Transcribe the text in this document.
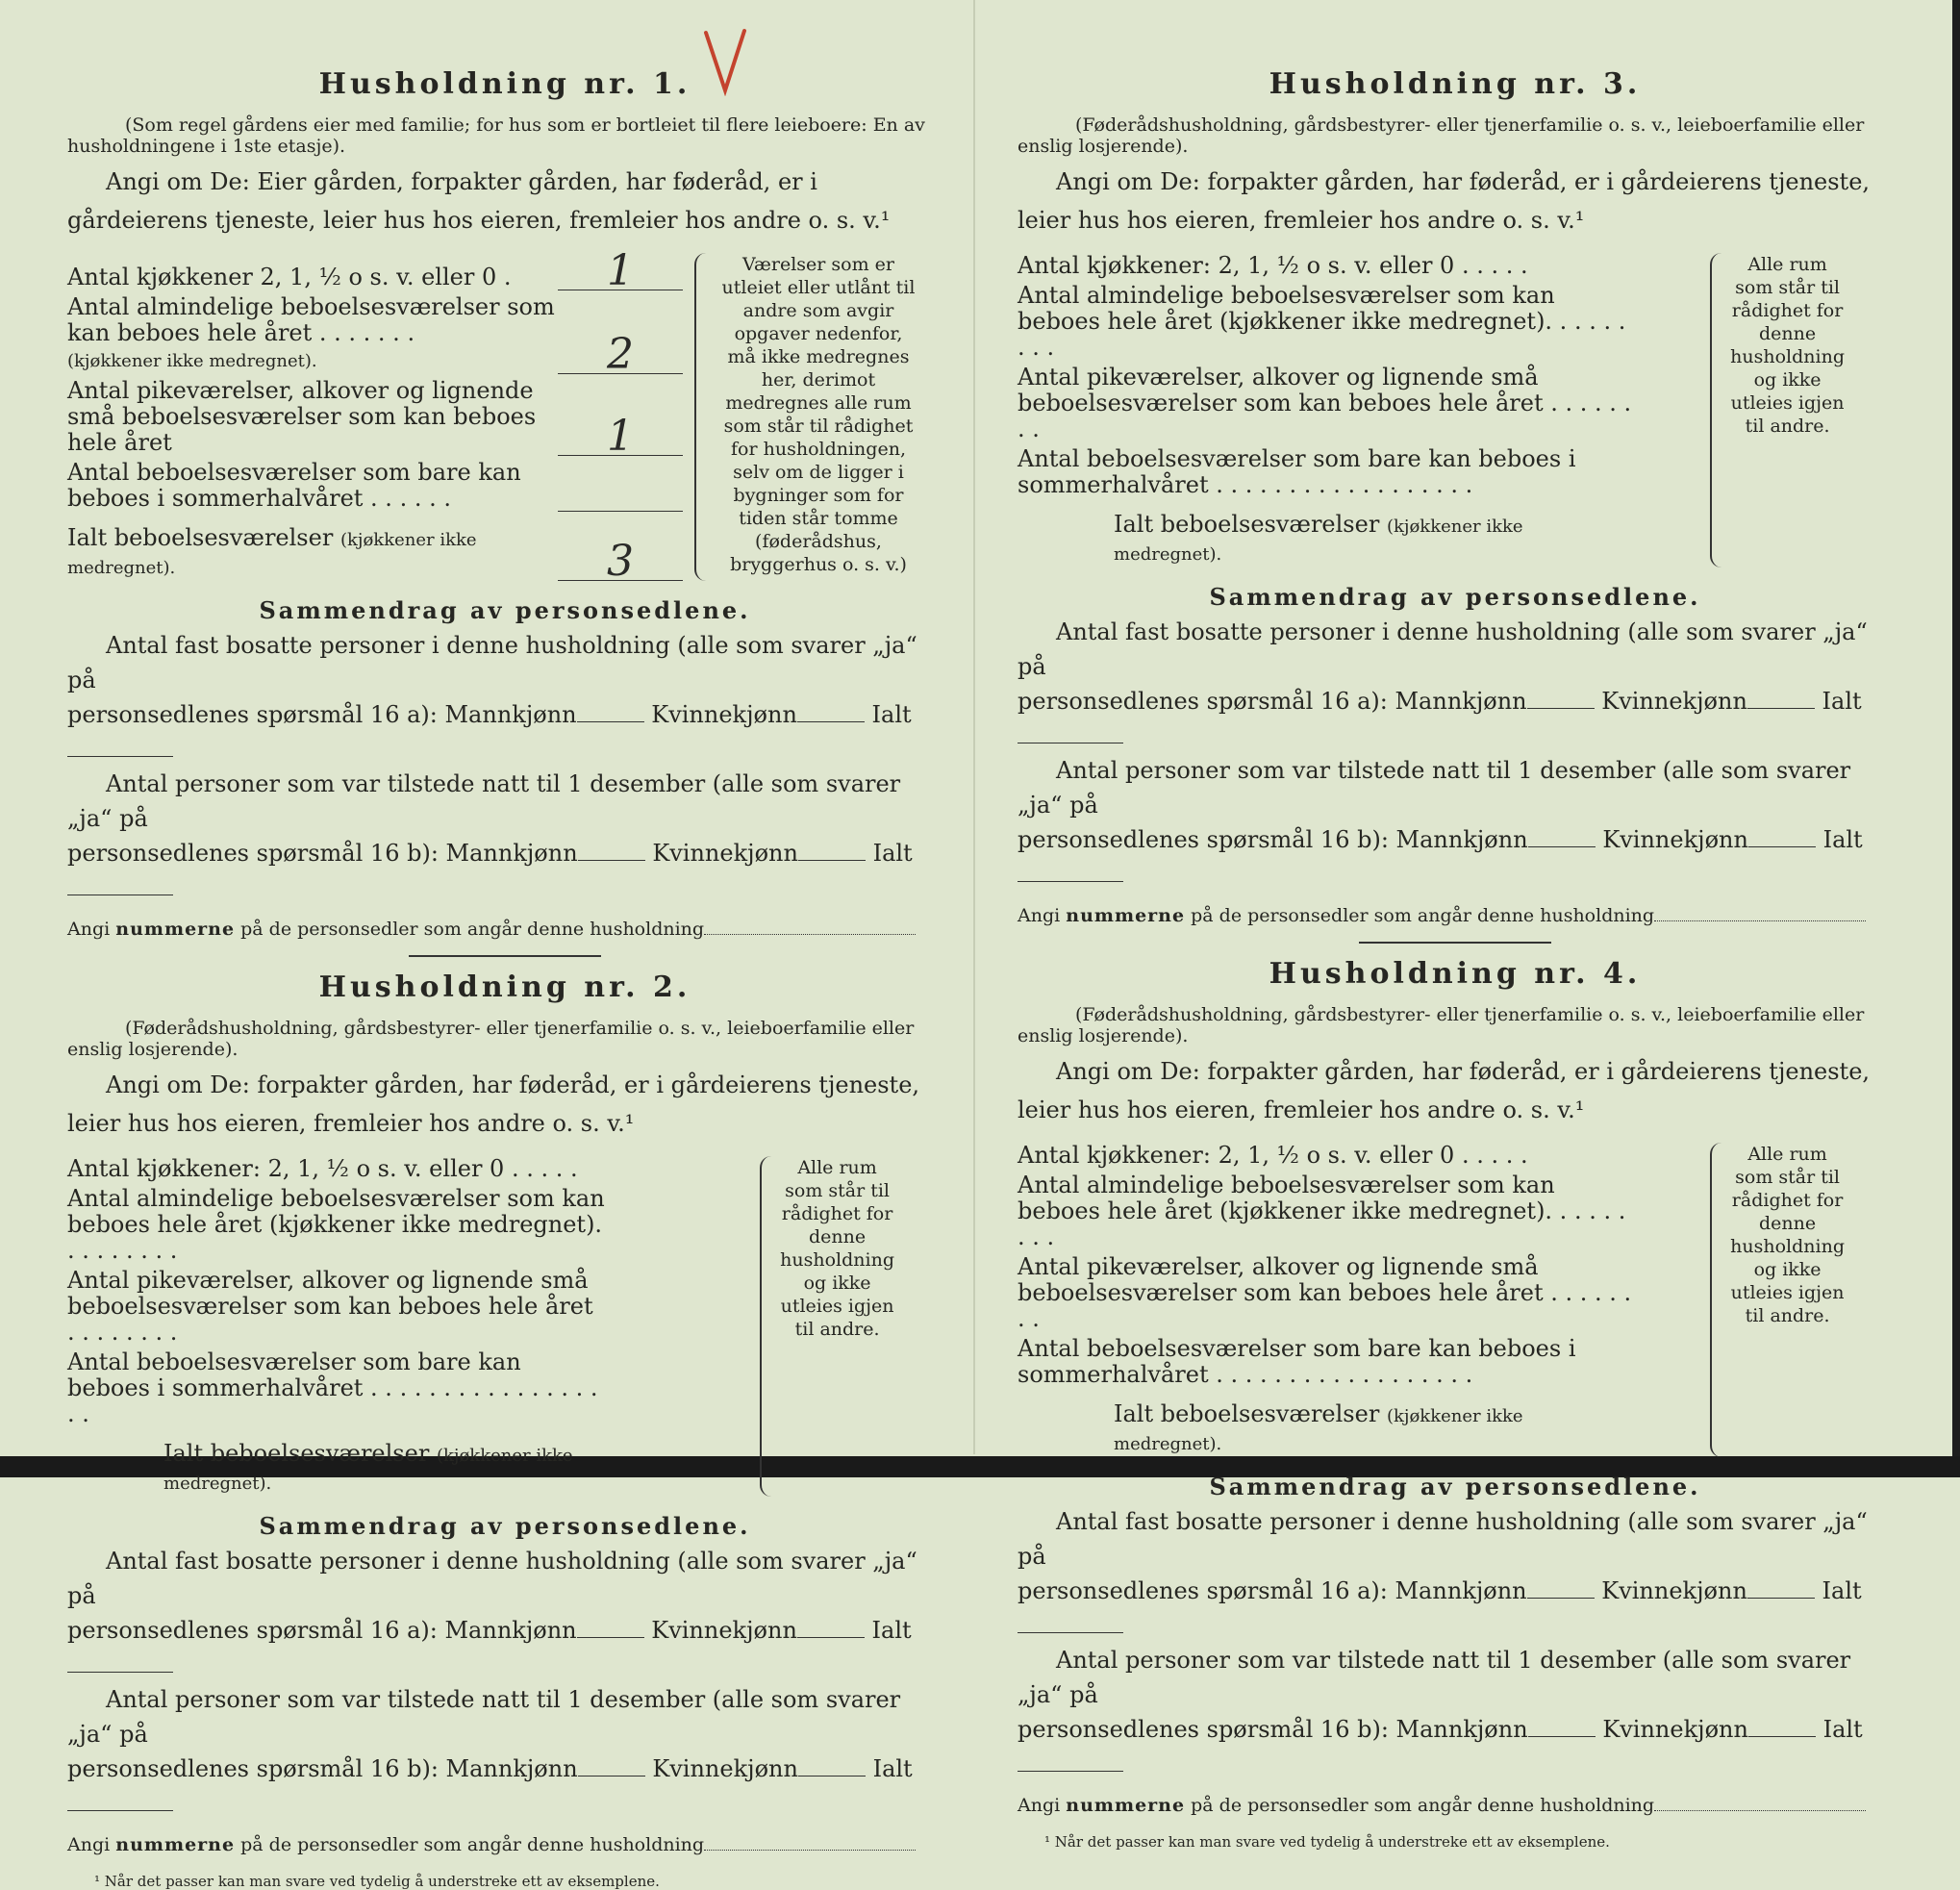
Husholdning nr. 1.

(Som regel gårdens eier med familie; for hus som er bortleiet til flere leieboere: En av husholdningene i 1ste etasje).

Angi om De: Eier gården, forpakter gården, har føderåd, er i gårdeierens tjeneste, leier hus hos eieren, fremleier hos andre o. s. v.¹

Antal kjøkkener 2, 1, ½ o s. v. eller 0 .	1
Antal almindelige beboelsesværelser som kan beboes hele året . . . . . . .
(kjøkkener ikke medregnet).	2
Antal pikeværelser, alkover og lignende små beboelsesværelser som kan beboes hele året	1
Antal beboelsesværelser som bare kan beboes i sommerhalvåret . . . . . .
Ialt beboelsesværelser (kjøkkener ikke medregnet).	3
Værelser som er utleiet eller utlånt til andre som avgir opgaver nedenfor, må ikke medregnes her, derimot medregnes alle rum som står til rådighet for husholdningen, selv om de ligger i bygninger som for tiden står tomme (føderådshus, bryggerhus o. s. v.)
Sammendrag av personsedlene.

Antal fast bosatte personer i denne husholdning (alle som svarer „ja“ på

personsedlenes spørsmål 16 a): Mannkjønn	Kvinnekjønn	Ialt

Antal personer som var tilstede natt til 1 desember (alle som svarer „ja“ på

personsedlenes spørsmål 16 b): Mannkjønn	Kvinnekjønn	Ialt

Angi nummerne på de personsedler som angår denne husholdning
Husholdning nr. 2.

(Føderådshusholdning, gårdsbestyrer- eller tjenerfamilie o. s. v., leieboerfamilie eller enslig losjerende).

Angi om De: forpakter gården, har føderåd, er i gårdeierens tjeneste, leier hus hos eieren, fremleier hos andre o. s. v.¹

Antal kjøkkener: 2, 1, ½ o s. v. eller 0 . . . . .
Antal almindelige beboelsesværelser som kan beboes hele året (kjøkkener ikke medregnet). . . . . . . . .
Antal pikeværelser, alkover og lignende små beboelsesværelser som kan beboes hele året . . . . . . . .
Antal beboelsesværelser som bare kan beboes i sommerhalvåret . . . . . . . . . . . . . . . . . .
Ialt beboelsesværelser (kjøkkener ikke medregnet).
Alle rum som står til rådighet for denne husholdning og ikke utleies igjen til andre.
Sammendrag av personsedlene.

Antal fast bosatte personer i denne husholdning (alle som svarer „ja“ på

personsedlenes spørsmål 16 a): Mannkjønn	Kvinnekjønn	Ialt

Antal personer som var tilstede natt til 1 desember (alle som svarer „ja“ på

personsedlenes spørsmål 16 b): Mannkjønn	Kvinnekjønn	Ialt

Angi nummerne på de personsedler som angår denne husholdning
¹ Når det passer kan man svare ved tydelig å understreke ett av eksemplene.
Husholdning nr. 3.

(Føderådshusholdning, gårdsbestyrer- eller tjenerfamilie o. s. v., leieboerfamilie eller enslig losjerende).

Angi om De: forpakter gården, har føderåd, er i gårdeierens tjeneste, leier hus hos eieren, fremleier hos andre o. s. v.¹

Antal kjøkkener: 2, 1, ½ o s. v. eller 0 . . . . .
Antal almindelige beboelsesværelser som kan beboes hele året (kjøkkener ikke medregnet). . . . . . . . .
Antal pikeværelser, alkover og lignende små beboelsesværelser som kan beboes hele året . . . . . . . .
Antal beboelsesværelser som bare kan beboes i sommerhalvåret . . . . . . . . . . . . . . . . . .
Ialt beboelsesværelser (kjøkkener ikke medregnet).
Alle rum som står til rådighet for denne husholdning og ikke utleies igjen til andre.
Sammendrag av personsedlene.

Antal fast bosatte personer i denne husholdning (alle som svarer „ja“ på

personsedlenes spørsmål 16 a): Mannkjønn	Kvinnekjønn	Ialt

Antal personer som var tilstede natt til 1 desember (alle som svarer „ja“ på

personsedlenes spørsmål 16 b): Mannkjønn	Kvinnekjønn	Ialt

Angi nummerne på de personsedler som angår denne husholdning
Husholdning nr. 4.

(Føderådshusholdning, gårdsbestyrer- eller tjenerfamilie o. s. v., leieboerfamilie eller enslig losjerende).

Angi om De: forpakter gården, har føderåd, er i gårdeierens tjeneste, leier hus hos eieren, fremleier hos andre o. s. v.¹

Antal kjøkkener: 2, 1, ½ o s. v. eller 0 . . . . .
Antal almindelige beboelsesværelser som kan beboes hele året (kjøkkener ikke medregnet). . . . . . . . .
Antal pikeværelser, alkover og lignende små beboelsesværelser som kan beboes hele året . . . . . . . .
Antal beboelsesværelser som bare kan beboes i sommerhalvåret . . . . . . . . . . . . . . . . . .
Ialt beboelsesværelser (kjøkkener ikke medregnet).
Alle rum som står til rådighet for denne husholdning og ikke utleies igjen til andre.
Sammendrag av personsedlene.

Antal fast bosatte personer i denne husholdning (alle som svarer „ja“ på

personsedlenes spørsmål 16 a): Mannkjønn	Kvinnekjønn	Ialt

Antal personer som var tilstede natt til 1 desember (alle som svarer „ja“ på

personsedlenes spørsmål 16 b): Mannkjønn	Kvinnekjønn	Ialt

Angi nummerne på de personsedler som angår denne husholdning
¹ Når det passer kan man svare ved tydelig å understreke ett av eksemplene.
